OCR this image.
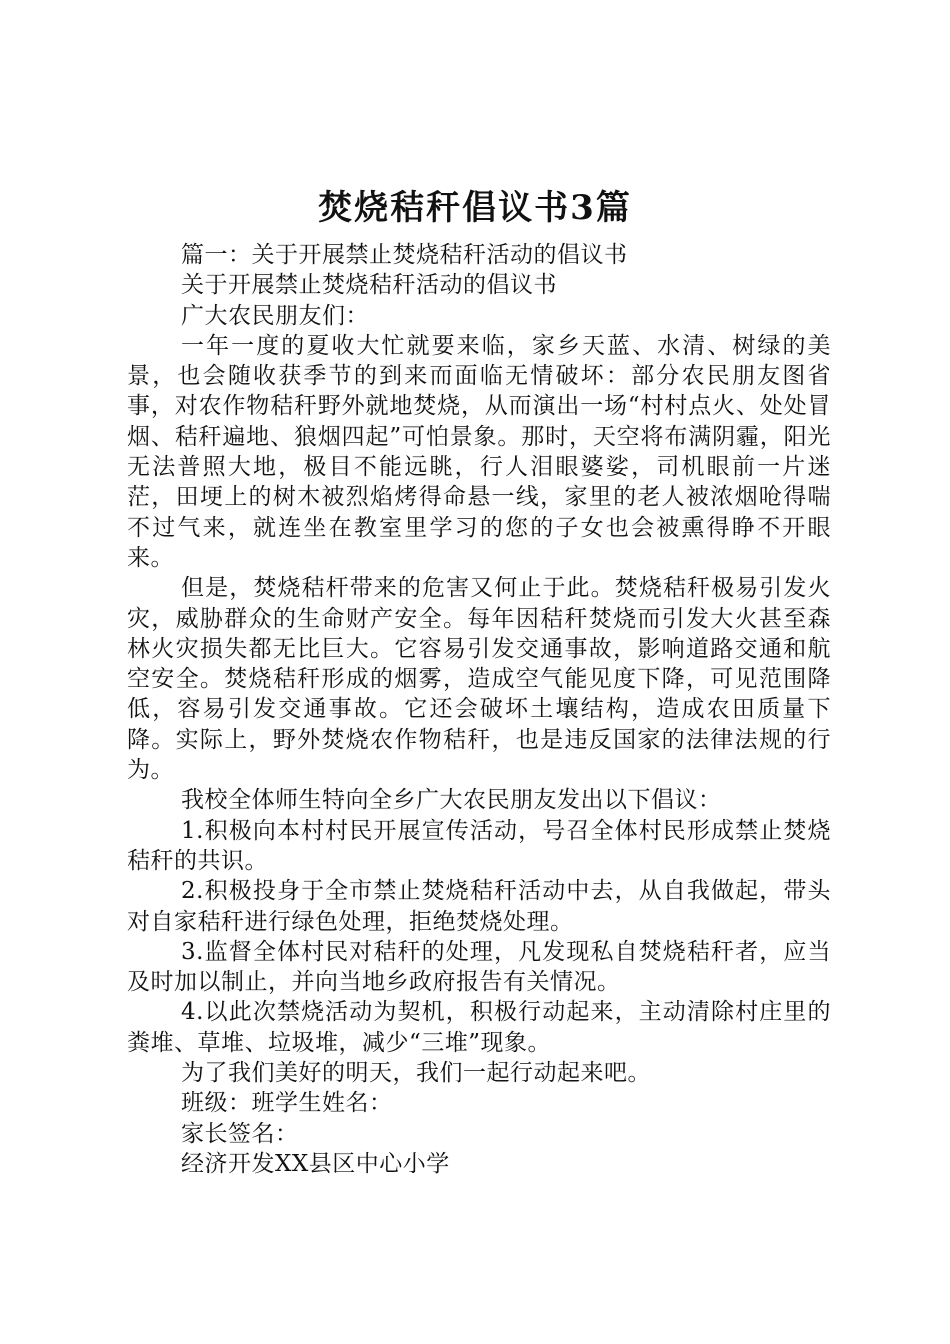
焚烧秸秆倡议书3篇

篇一：关于开展禁止焚烧秸秆活动的倡议书

关于开展禁止焚烧秸秆活动的倡议书

广大农民朋友们：

一年一度的夏收大忙就要来临，家乡天蓝、水清、树绿的美景，也会随收获季节的到来而面临无情破坏：部分农民朋友图省事，对农作物秸秆野外就地焚烧，从而演出一场“村村点火、处处冒烟、秸秆遍地、狼烟四起”可怕景象。那时，天空将布满阴霾，阳光无法普照大地，极目不能远眺，行人泪眼婆娑，司机眼前一片迷茫，田埂上的树木被烈焰烤得命悬一线，家里的老人被浓烟呛得喘不过气来，就连坐在教室里学习的您的子女也会被熏得睁不开眼来。

但是，焚烧秸杆带来的危害又何止于此。焚烧秸秆极易引发火灾，威胁群众的生命财产安全。每年因秸秆焚烧而引发大火甚至森林火灾损失都无比巨大。它容易引发交通事故，影响道路交通和航空安全。焚烧秸秆形成的烟雾，造成空气能见度下降，可见范围降低，容易引发交通事故。它还会破坏土壤结构，造成农田质量下降。实际上，野外焚烧农作物秸秆，也是违反国家的法律法规的行为。

我校全体师生特向全乡广大农民朋友发出以下倡议：

1.积极向本村村民开展宣传活动，号召全体村民形成禁止焚烧秸秆的共识。

2.积极投身于全市禁止焚烧秸秆活动中去，从自我做起，带头对自家秸秆进行绿色处理，拒绝焚烧处理。

3.监督全体村民对秸秆的处理，凡发现私自焚烧秸秆者，应当及时加以制止，并向当地乡政府报告有关情况。

4.以此次禁烧活动为契机，积极行动起来，主动清除村庄里的粪堆、草堆、垃圾堆，减少“三堆”现象。

为了我们美好的明天，我们一起行动起来吧。

班级：班学生姓名：

家长签名：

经济开发XX县区中心小学
